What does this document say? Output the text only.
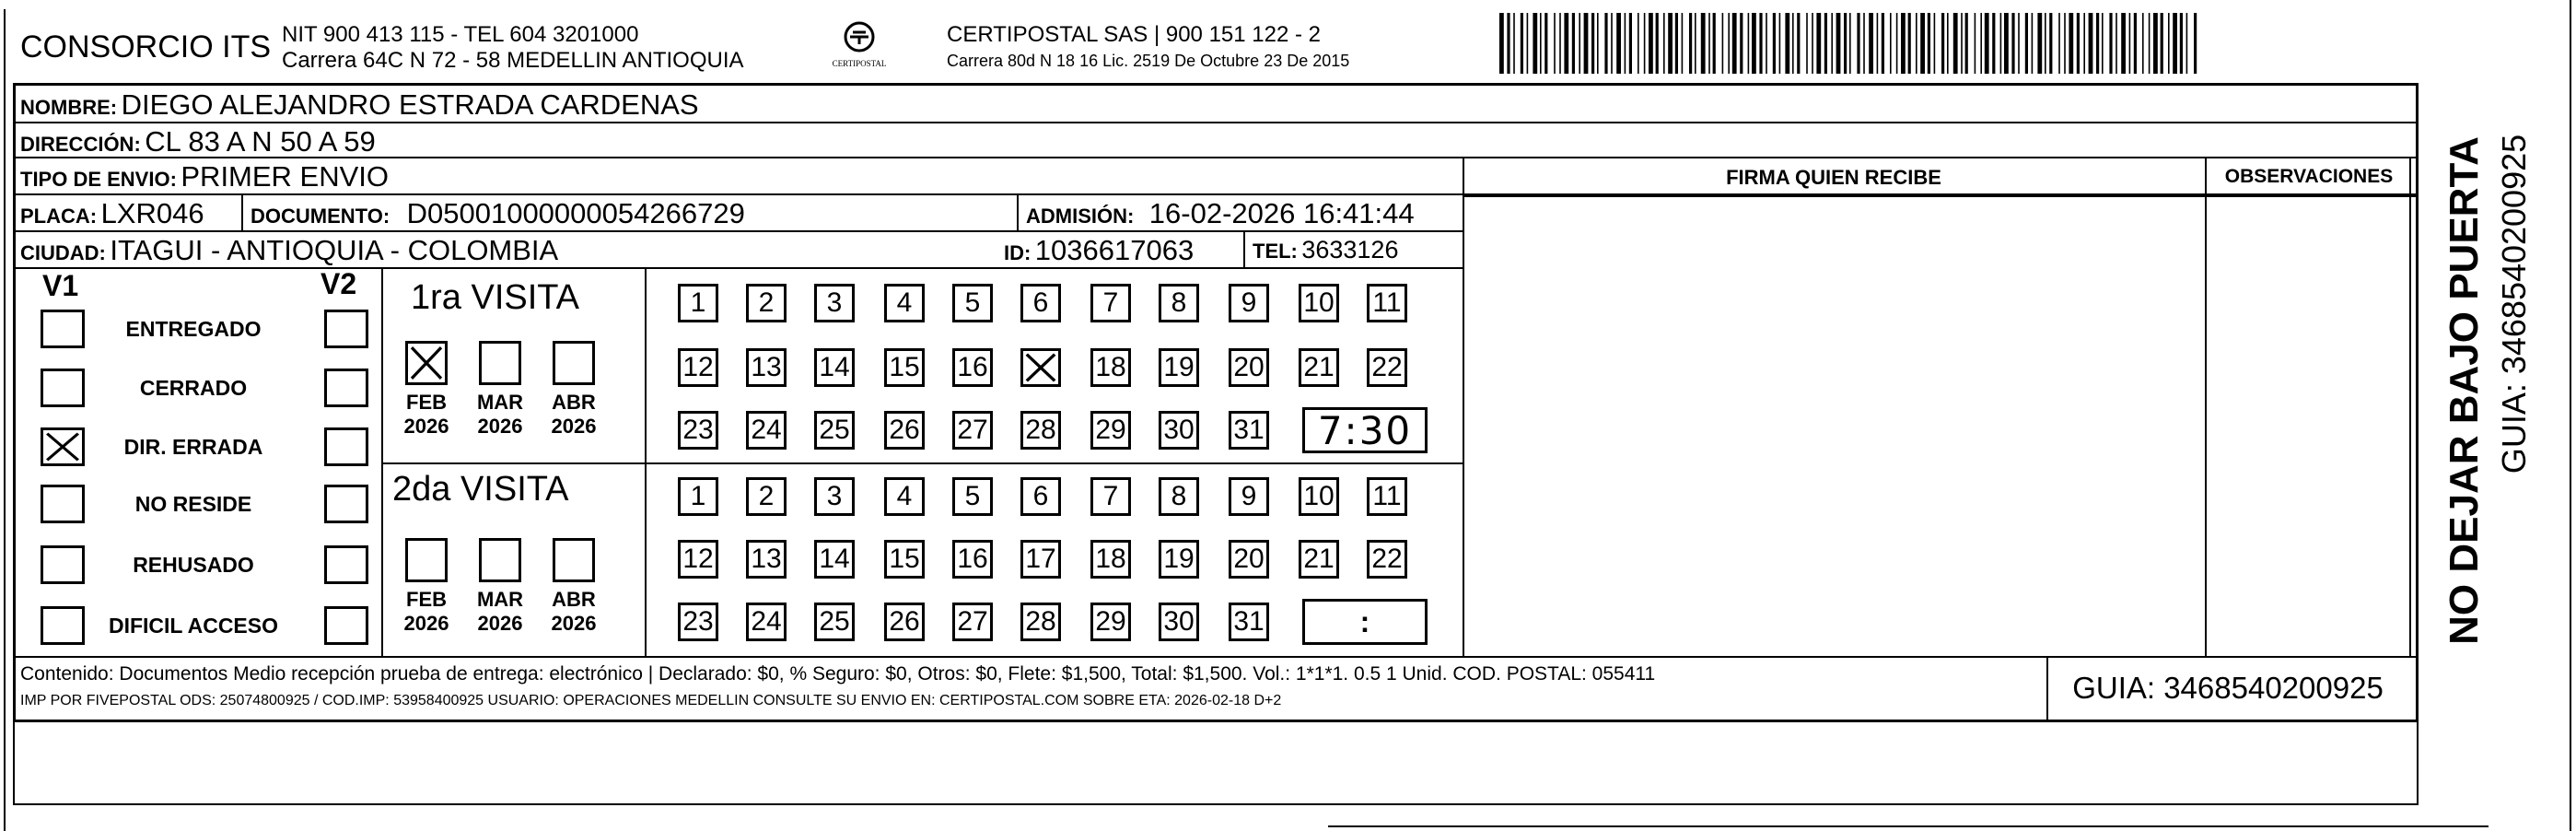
CONSORCIO ITS NIT 900 413 115 - TEL 604 3201000
Carrera 64C N 72 - 58 MEDELLIN ANTIOQUIA	CERTIPOSTAL
CERTIPOSTAL SAS | 900 151 122 - 2
Carrera 80d N 18 16 Lic. 2519 De Octubre 23 De 2015
NOMBRE: DIEGO ALEJANDRO ESTRADA CARDENAS
DIRECCIÓN: CL 83 A N 50 A 59
TIPO DE ENVIO: PRIMER ENVIO
PLACA: LXR046 DOCUMENTO: D05001000000054266729	ADMISIÓN: 16-02-2026 16:41:44
CIUDAD: ITAGUI - ANTIOQUIA - COLOMBIA	ID: 1036617063	TEL: 3633126
FIRMA QUIEN RECIBE	OBSERVACIONES
V1	V2
ENTREGADO
CERRADO
DIR. ERRADA
NO RESIDE
REHUSADO
DIFICIL ACCESO
1ra VISITA
FEB
2026
MAR
2026
ABR
2026
1	2	3	4	5	6	7	8	9	10 11
12 13 14 15 16	18 19 20 21 22
23 24 25 26 27 28 29 30 31	7:30
2da VISITA
FEB
2026
MAR
2026
ABR
2026
1	2	3	4	5	6	7	8	9	10 11
12 13 14 15 16 17 18 19 20 21 22
23 24 25 26 27 28 29 30 31	:
Contenido: Documentos Medio recepción prueba de entrega: electrónico | Declarado: $0, % Seguro: $0, Otros: $0, Flete: $1,500, Total: $1,500. Vol.: 1*1*1. 0.5 1 Unid. COD. POSTAL: 055411
IMP POR FIVEPOSTAL ODS: 25074800925 / COD.IMP: 53958400925 USUARIO: OPERACIONES MEDELLIN CONSULTE SU ENVIO EN: CERTIPOSTAL.COM SOBRE ETA: 2026-02-18 D+2	GUIA: 3468540200925
NO DEJAR BAJO PUERTA GUIA: 3468540200925
